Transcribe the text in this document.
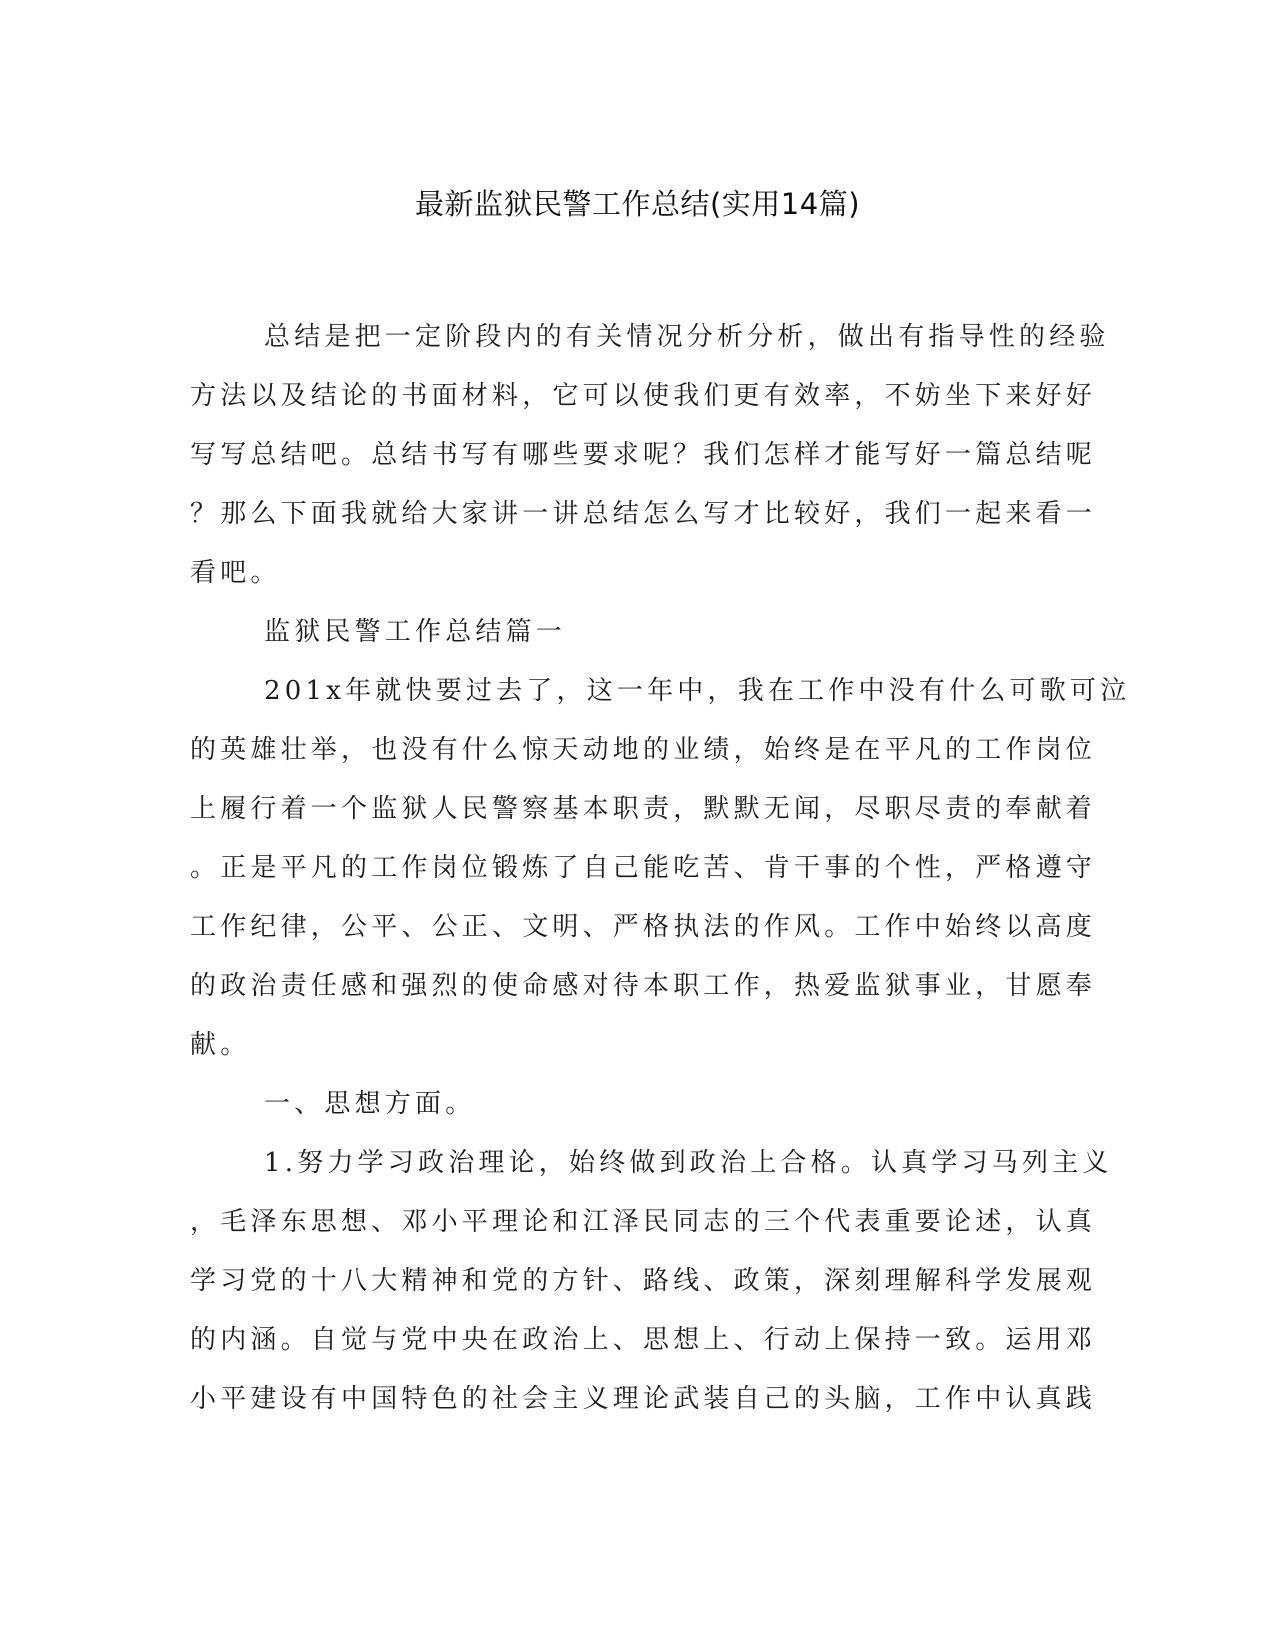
最新监狱民警工作总结(实用14篇)
总结是把一定阶段内的有关情况分析分析，做出有指导性的经验
方法以及结论的书面材料，它可以使我们更有效率，不妨坐下来好好
写写总结吧。总结书写有哪些要求呢？我们怎样才能写好一篇总结呢
？那么下面我就给大家讲一讲总结怎么写才比较好，我们一起来看一
看吧。
监狱民警工作总结篇一
201x年就快要过去了，这一年中，我在工作中没有什么可歌可泣
的英雄壮举，也没有什么惊天动地的业绩，始终是在平凡的工作岗位
上履行着一个监狱人民警察基本职责，默默无闻，尽职尽责的奉献着
。正是平凡的工作岗位锻炼了自己能吃苦、肯干事的个性，严格遵守
工作纪律，公平、公正、文明、严格执法的作风。工作中始终以高度
的政治责任感和强烈的使命感对待本职工作，热爱监狱事业，甘愿奉
献。
一、思想方面。
1.努力学习政治理论，始终做到政治上合格。认真学习马列主义
，毛泽东思想、邓小平理论和江泽民同志的三个代表重要论述，认真
学习党的十八大精神和党的方针、路线、政策，深刻理解科学发展观
的内涵。自觉与党中央在政治上、思想上、行动上保持一致。运用邓
小平建设有中国特色的社会主义理论武装自己的头脑，工作中认真践
